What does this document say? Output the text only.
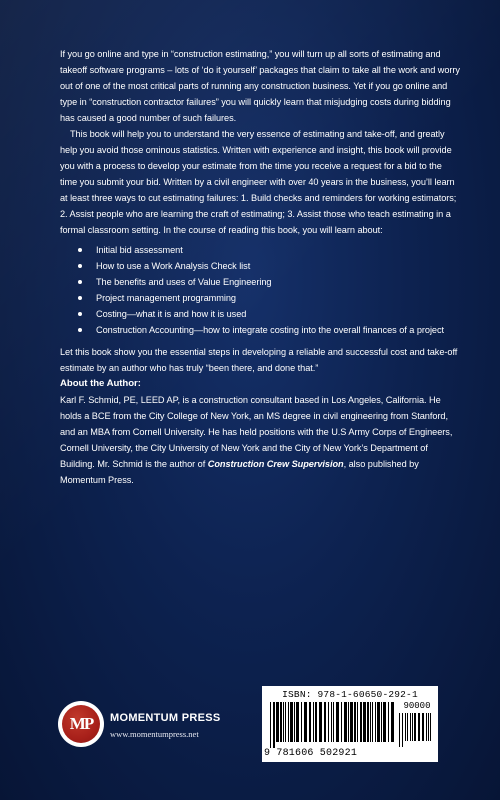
If you go online and type in “construction estimating,” you will turn up all sorts of estimating and takeoff software programs – lots of ‘do it yourself’ packages that claim to take all the work and worry out of one of the most critical parts of running any construction business. Yet if you go online and type in “construction contractor failures” you will quickly learn that misjudging costs during bidding has caused a good number of such failures.

This book will help you to understand the very essence of estimating and take-off, and greatly help you avoid those ominous statistics. Written with experience and insight, this book will provide you with a process to develop your estimate from the time you receive a request for a bid to the time you submit your bid. Written by a civil engineer with over 40 years in the business, you’ll learn at least three ways to cut estimating failures: 1. Build checks and reminders for working estimators; 2. Assist people who are learning the craft of estimating; 3. Assist those who teach estimating in a formal classroom setting. In the course of reading this book, you will learn about:

Initial bid assessment
How to use a Work Analysis Check list
The benefits and uses of Value Engineering
Project management programming
Costing—what it is and how it is used
Construction Accounting—how to integrate costing into the overall finances of a project

Let this book show you the essential steps in developing a reliable and successful cost and take-off estimate by an author who has truly “been there, and done that.”

About the Author:

Karl F. Schmid, PE, LEED AP, is a construction consultant based in Los Angeles, California. He holds a BCE from the City College of New York, an MS degree in civil engineering from Stanford, and an MBA from Cornell University. He has held positions with the U.S Army Corps of Engineers, Cornell University, the City University of New York and the City of New York’s Department of Building. Mr. Schmid is the author of Construction Crew Supervision, also published by Momentum Press.

MP	MOMENTUM PRESS
www.momentumpress.net
ISBN: 978-1-60650-292-1
90000
9 781606 502921
